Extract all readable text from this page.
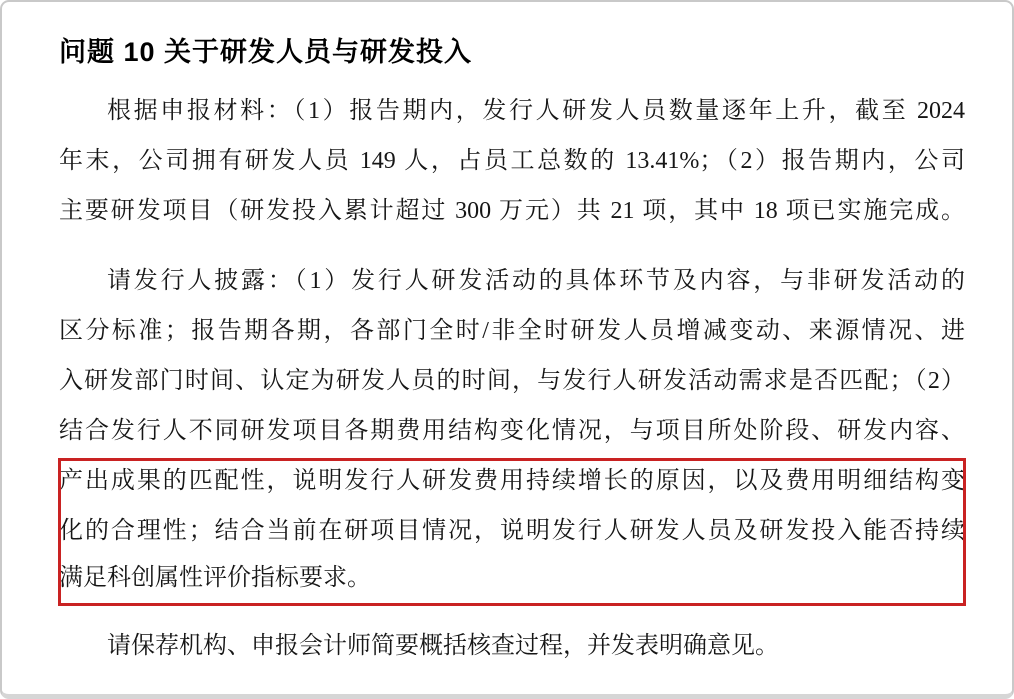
问题 10 关于研发人员与研发投入
根据申报材料：（1）报告期内，发行人研发人员数量逐年上升，截至 2024
年末，公司拥有研发人员 149 人，占员工总数的 13.41%；（2）报告期内，公司
主要研发项目（研发投入累计超过 300 万元）共 21 项，其中 18 项已实施完成。
请发行人披露：（1）发行人研发活动的具体环节及内容，与非研发活动的
区分标准；报告期各期，各部门全时/非全时研发人员增减变动、来源情况、进
入研发部门时间、认定为研发人员的时间，与发行人研发活动需求是否匹配；（2）
结合发行人不同研发项目各期费用结构变化情况，与项目所处阶段、研发内容、
产出成果的匹配性，说明发行人研发费用持续增长的原因，以及费用明细结构变
化的合理性；结合当前在研项目情况，说明发行人研发人员及研发投入能否持续
满足科创属性评价指标要求。
请保荐机构、申报会计师简要概括核查过程，并发表明确意见。
